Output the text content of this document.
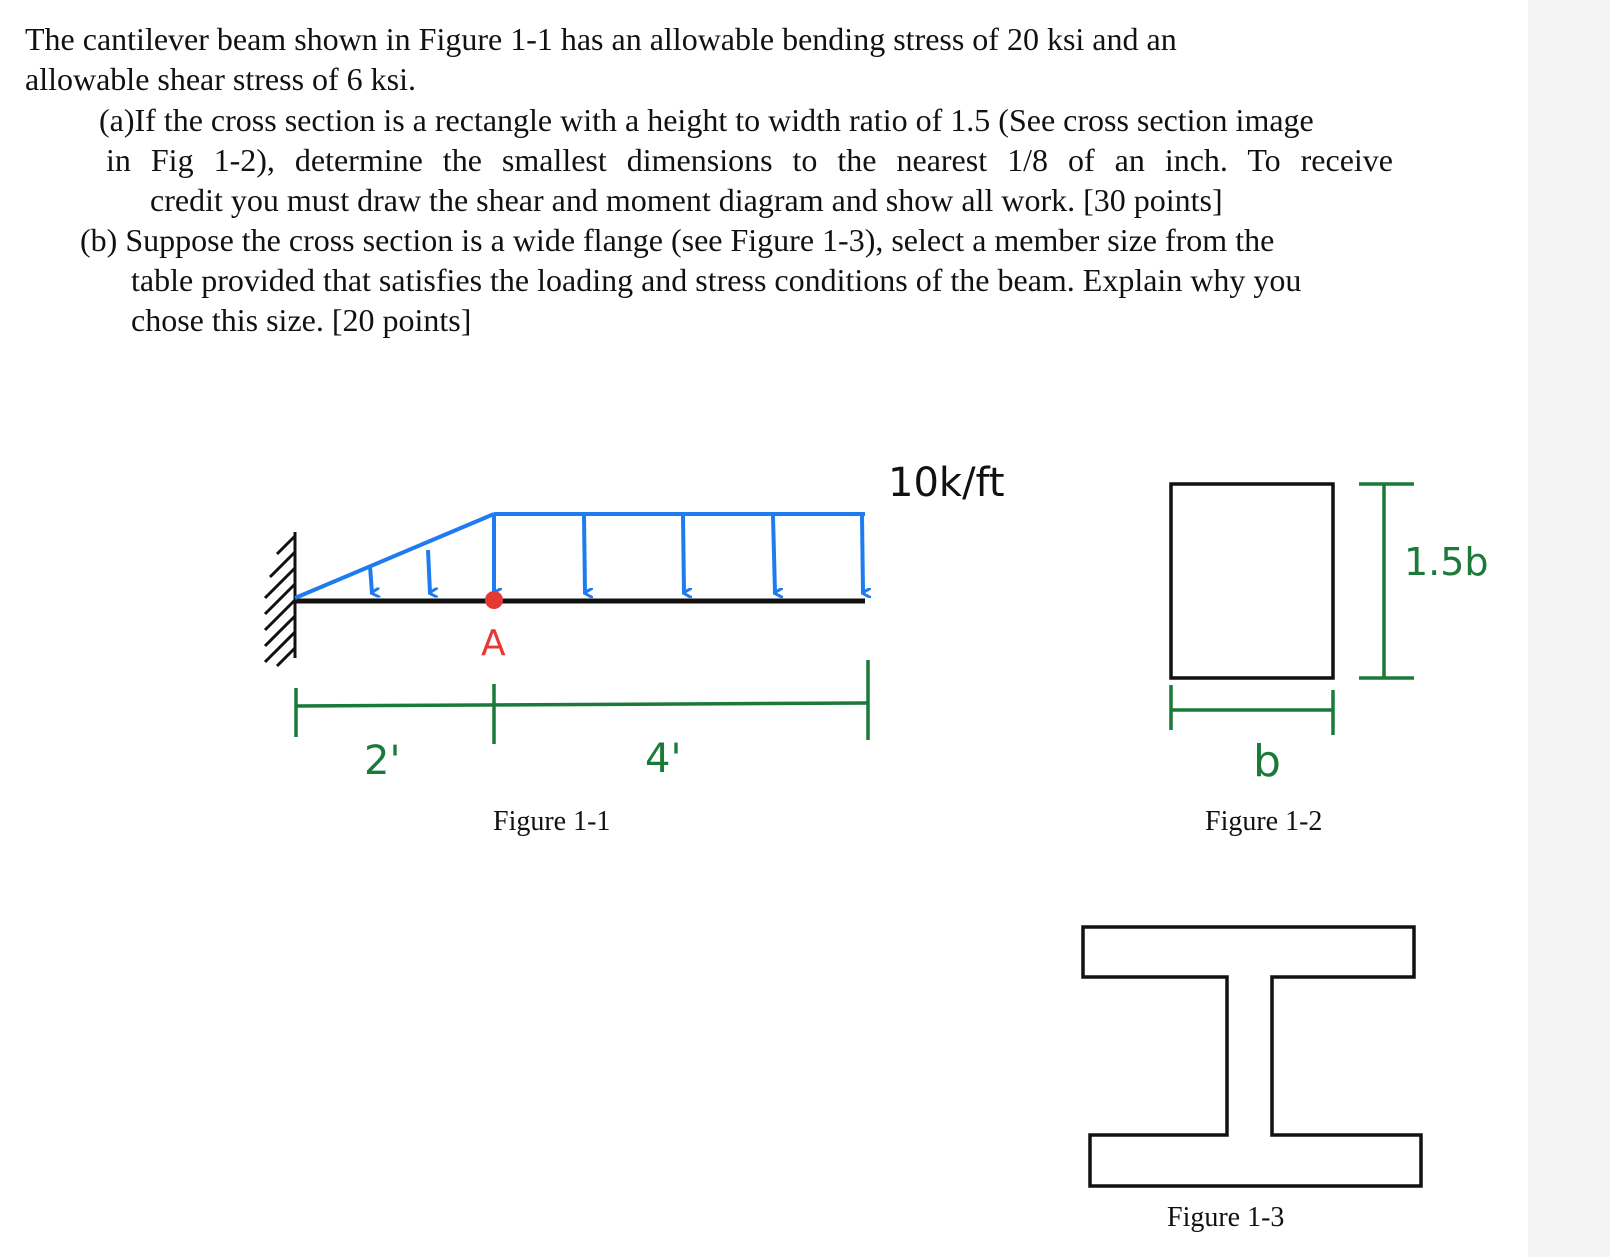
The cantilever beam shown in Figure 1-1 has an allowable bending stress of 20 ksi and an
allowable shear stress of 6 ksi.
(a)If the cross section is a rectangle with a height to width ratio of 1.5 (See cross section image
in Fig 1-2), determine the smallest dimensions to the nearest 1/8 of an inch. To receive
credit you must draw the shear and moment diagram and show all work. [30 points]
(b) Suppose the cross section is a wide flange (see Figure 1-3), select a member size from the
table provided that satisfies the loading and stress conditions of the beam. Explain why you
chose this size. [20 points]
10k/ft
A
2'	4'
1.5b
b
Figure 1-1	Figure 1-2
Figure 1-3
